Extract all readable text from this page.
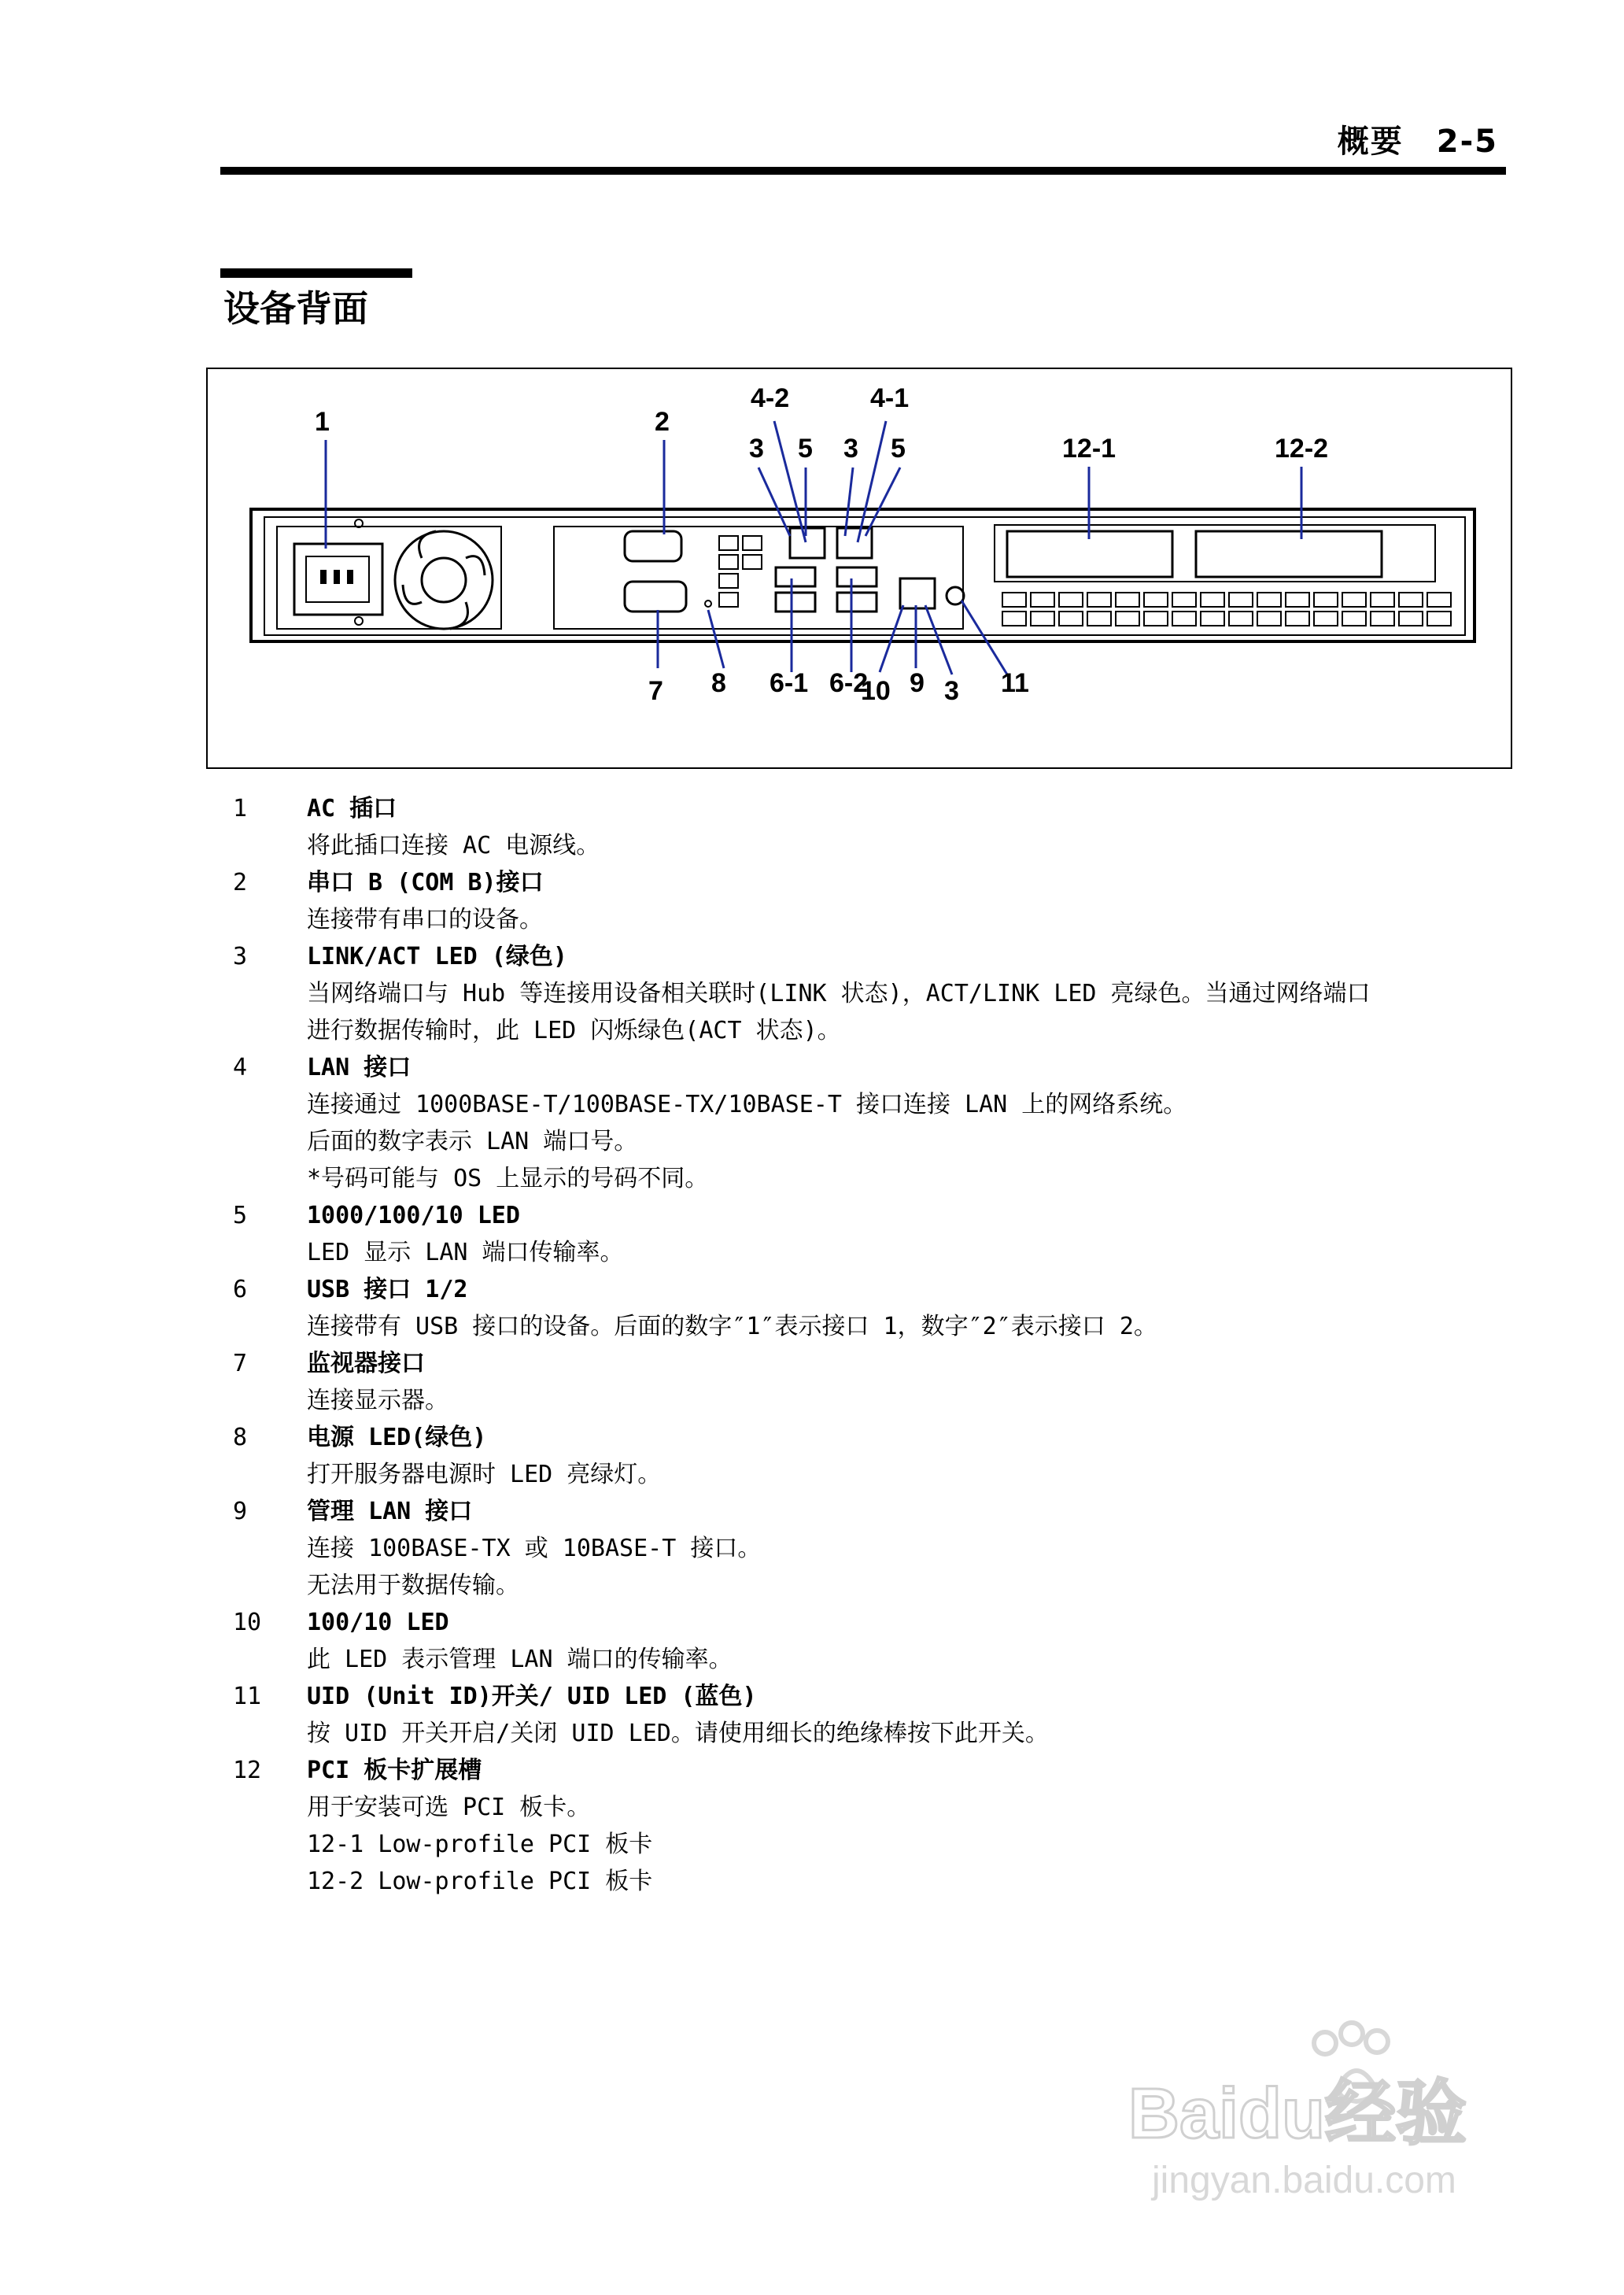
概要　2-5
设备背面
1	2
4-2	4-1
3 5 3 5	12-1	12-2
7 8 6-1 6-2
10 9 3 11
1	AC 插口
将此插口连接 AC 电源线。
2	串口 B (COM B)接口
连接带有串口的设备。
3	LINK/ACT LED (绿色)
当网络端口与 Hub 等连接用设备相关联时(LINK 状态)，ACT/LINK LED 亮绿色。当通过网络端口
进行数据传输时，此 LED 闪烁绿色(ACT 状态)。
4	LAN 接口
连接通过 1000BASE-T/100BASE-TX/10BASE-T 接口连接 LAN 上的网络系统。
后面的数字表示 LAN 端口号。
*号码可能与 OS 上显示的号码不同。
5	1000/100/10 LED
LED 显示 LAN 端口传输率。
6	USB 接口 1/2
连接带有 USB 接口的设备。后面的数字″1″表示接口 1，数字″2″表示接口 2。
7	监视器接口
连接显示器。
8	电源 LED(绿色)
打开服务器电源时 LED 亮绿灯。
9	管理 LAN 接口
连接 100BASE-TX 或 10BASE-T 接口。
无法用于数据传输。
10	100/10 LED
此 LED 表示管理 LAN 端口的传输率。
11	UID (Unit ID)开关/ UID LED (蓝色)
按 UID 开关开启/关闭 UID LED。请使用细长的绝缘棒按下此开关。
12	PCI 板卡扩展槽
用于安装可选 PCI 板卡。
12-1 Low-profile PCI 板卡
12-2 Low-profile PCI 板卡
Baidu经验
jingyan.baidu.com
